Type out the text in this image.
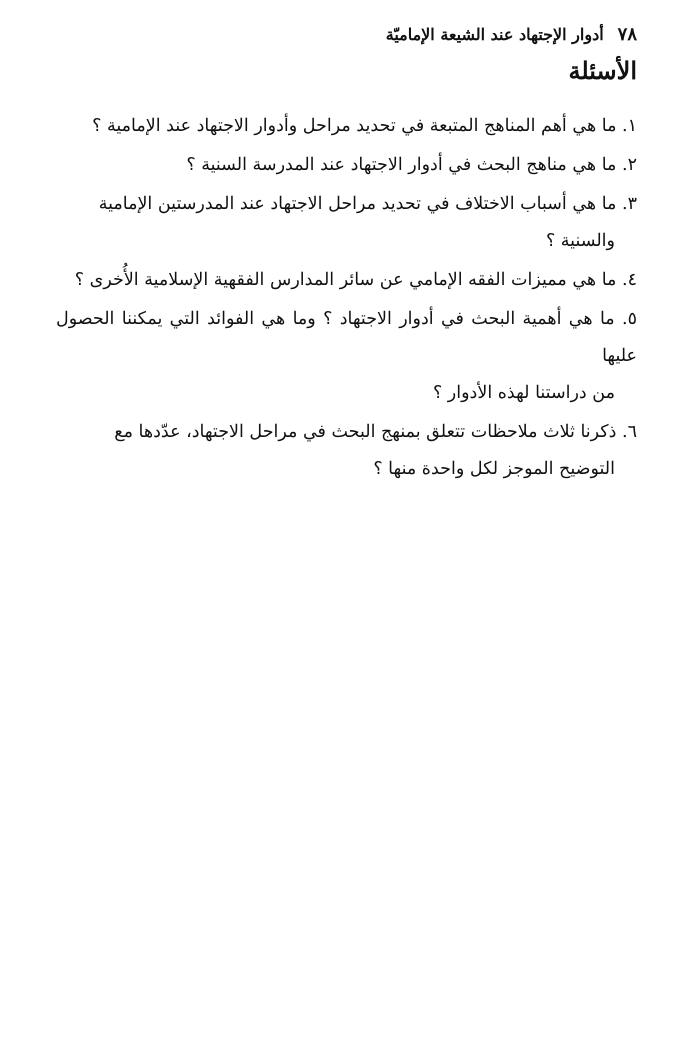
٧٨
أدوار الإجتهاد عند الشيعة الإماميّة
الأسئلة
١. ما هي أهم المناهج المتبعة في تحديد مراحل وأدوار الاجتهاد عند الإمامية ؟
٢. ما هي مناهج البحث في أدوار الاجتهاد عند المدرسة السنية ؟
٣. ما هي أسباب الاختلاف في تحديد مراحل الاجتهاد عند المدرستين الإمامية
والسنية ؟
٤. ما هي مميزات الفقه الإمامي عن سائر المدارس الفقهية الإسلامية الأُخرى ؟
٥. ما هي أهمية البحث في أدوار الاجتهاد ؟ وما هي الفوائد التي يمكننا الحصول عليها
من دراستنا لهذه الأدوار ؟
٦. ذكرنا ثلاث ملاحظات تتعلق بمنهج البحث في مراحل الاجتهاد، عدّدها مع
التوضيح الموجز لكل واحدة منها ؟
